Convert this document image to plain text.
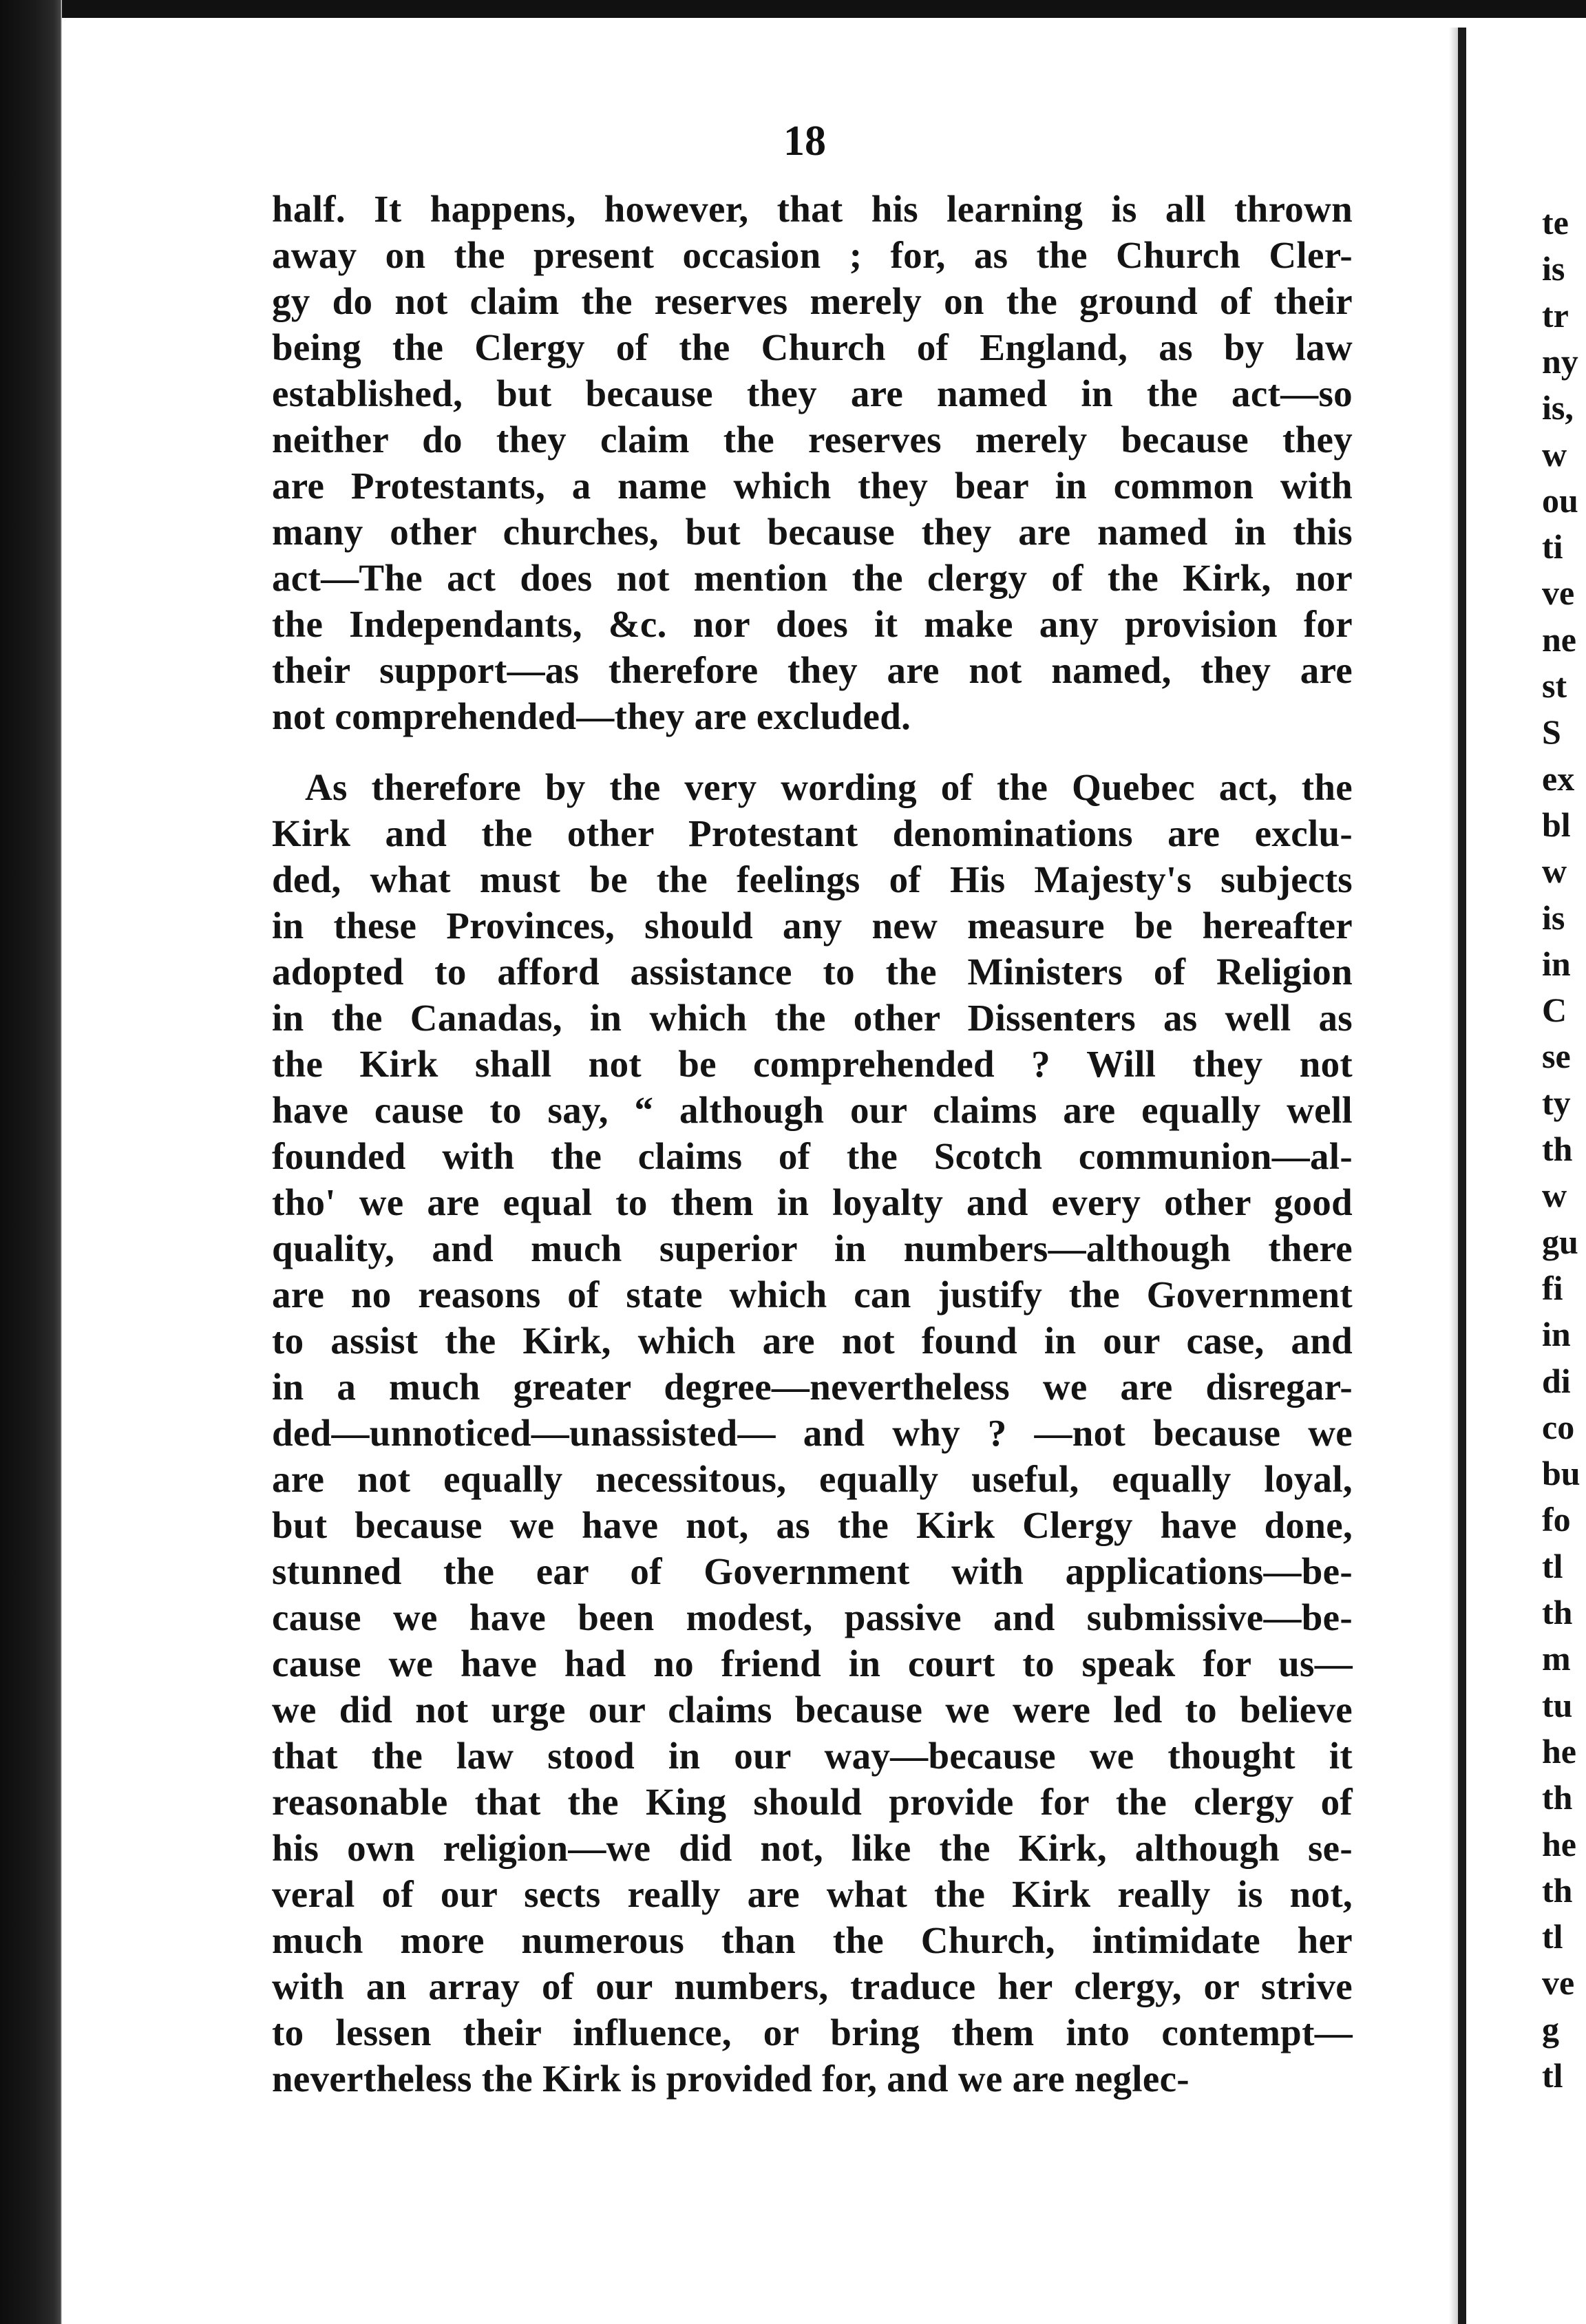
18
half. It happens, however, that his learning is all thrown
away on the present occasion ; for, as the Church Cler-
gy do not claim the reserves merely on the ground of their
being the Clergy of the Church of England, as by law
established, but because they are named in the act—so
neither do they claim the reserves merely because they
are Protestants, a name which they bear in common with
many other churches, but because they are named in this
act—The act does not mention the clergy of the Kirk, nor
the Independants, &c. nor does it make any provision for
their support—as therefore they are not named, they are
not comprehended—they are excluded.
As therefore by the very wording of the Quebec act, the
Kirk and the other Protestant denominations are exclu-
ded, what must be the feelings of His Majesty's subjects
in these Provinces, should any new measure be hereafter
adopted to afford assistance to the Ministers of Religion
in the Canadas, in which the other Dissenters as well as
the Kirk shall not be comprehended ? Will they not
have cause to say, “ although our claims are equally well
founded with the claims of the Scotch communion—al-
tho' we are equal to them in loyalty and every other good
quality, and much superior in numbers—although there
are no reasons of state which can justify the Government
to assist the Kirk, which are not found in our case, and
in a much greater degree—nevertheless we are disregar-
ded—unnoticed—unassisted— and why ? —not because we
are not equally necessitous, equally useful, equally loyal,
but because we have not, as the Kirk Clergy have done,
stunned the ear of Government with applications—be-
cause we have been modest, passive and submissive—be-
cause we have had no friend in court to speak for us—
we did not urge our claims because we were led to believe
that the law stood in our way—because we thought it
reasonable that the King should provide for the clergy of
his own religion—we did not, like the Kirk, although se-
veral of our sects really are what the Kirk really is not,
much more numerous than the Church, intimidate her
with an array of our numbers, traduce her clergy, or strive
to lessen their influence, or bring them into contempt—
nevertheless the Kirk is provided for, and we are neglec-
te
is
tr
ny
is,
w
ou
ti
ve
ne
st
S
ex
bl
w
is
in
C
se
ty
th
w
gu
fi
in
di
co
bu
fo
tl
th
m
tu
he
th
he
th
tl
ve
g
tl
